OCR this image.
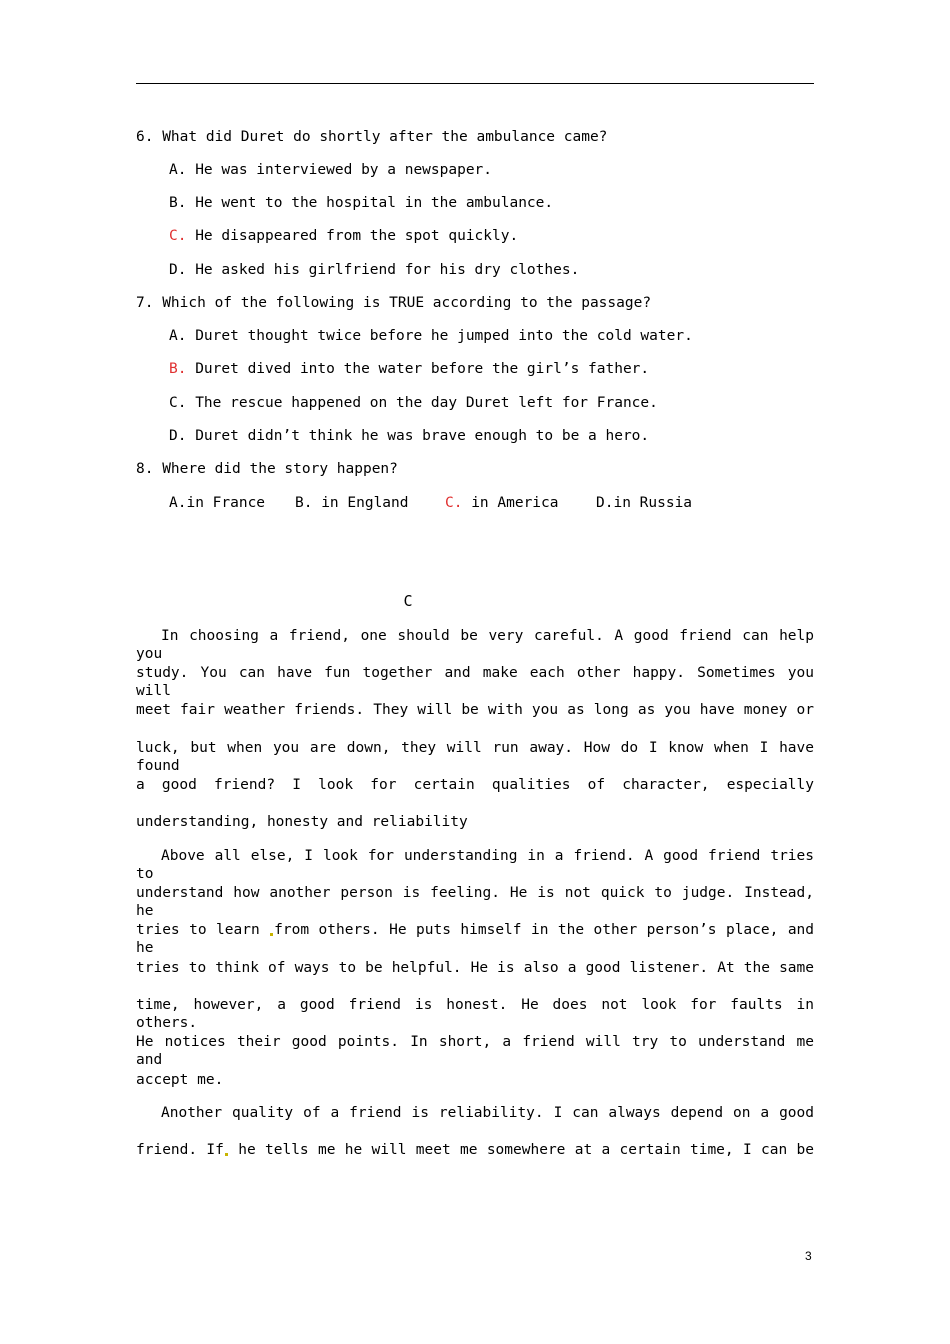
6. What did Duret do shortly after the ambulance came?
A. He was interviewed by a newspaper.
B. He went to the hospital in the ambulance.
C. He disappeared from the spot quickly.
D. He asked his girlfriend for his dry clothes.
7. Which of the following is TRUE according to the passage?
A. Duret thought twice before he jumped into the cold water.
B. Duret dived into the water before the girl’s father.
C. The rescue happened on the day Duret left for France.
D. Duret didn’t think he was brave enough to be a hero.
8. Where did the story happen?
A.in France B. in England	C. in America	D.in Russia
C
In choosing a friend, one should be very careful. A good friend can help you
study. You can have fun together and make each other happy. Sometimes you will
meet fair weather friends. They will be with you as long as you have money or
luck, but when you are down, they will run away. How do I know when I have found
a good friend? I look for certain qualities of character, especially
understanding, honesty and reliability
Above all else, I look for understanding in a friend. A good friend tries to
understand how another person is feeling. He is not quick to judge. Instead, he
tries to learn from others. He puts himself in the other person’s place, and he
tries to think of ways to be helpful. He is also a good listener. At the same
time, however, a good friend is honest. He does not look for faults in others.
He notices their good points. In short, a friend will try to understand me and
accept me.
Another quality of a friend is reliability. I can always depend on a good
friend. If he tells me he will meet me somewhere at a certain time, I can be
3
